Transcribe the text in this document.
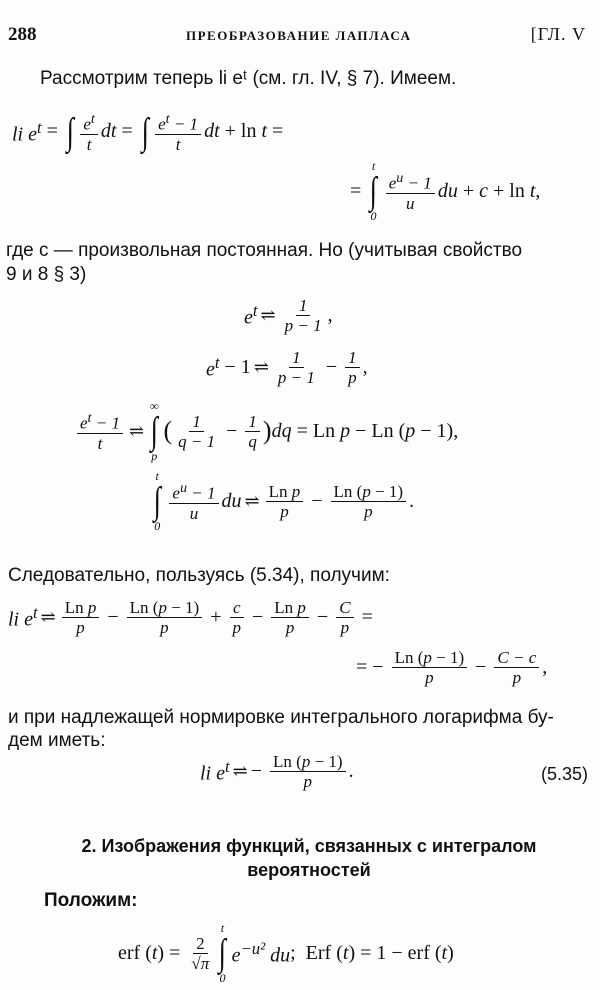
288	ПРЕОБРАЗОВАНИЕ ЛАПЛАСА	[ГЛ. V
Рассмотрим теперь li eᵗ (см. гл. IV, § 7). Имеем.
li $e^t$ = ∫ $e^t$
t
dt = ∫ $e^t - 1$
t
dt + ln t =
=
t
∫
0
$e^u - 1$
u
du + c + ln t ,
где c — произвольная постоянная. Но (учитывая свойство
9 и 8 § 3)
$e^t$ ⇌ 1
p − 1 ,
$e^t - 1$ ⇌ 1
$p - 1 - \frac{1}{p}$ ,
$e^t - 1$
t
⇌
∞
∫
p
( 1
$q - 1 - \frac{1}{q}$ ) dq = Ln p − Ln ( p − 1),
t
∫
0
$e^u - 1$
u
du ⇌ Ln p
$p - \frac{Ln (p - 1)}{p}$ .
Следовательно, пользуясь (5.34), получим:
li $e^t$ ⇌ Ln p
$p - \frac{Ln (p - 1)}{p} + \frac{c}{p} - \frac{\text{Ln p}}{p} - \frac{C}{p}$ =
= − $\frac{Ln (p - 1)}{p} - \frac{C - c}{p}$ ,
и при надлежащей нормировке интегрального логарифма бу-
дем иметь:
li $e^t$ ⇌ − $\frac{Ln (p - 1)}{p}$ .	(5.35)
2. Изображения функций, связанных с интегралом
вероятностей
Положим:
erf ( t ) = $\frac{2}{√\pi}$
t
∫
0
$e^{-u^2}$ du ;  Erf ( t ) = 1 − erf ( t )
